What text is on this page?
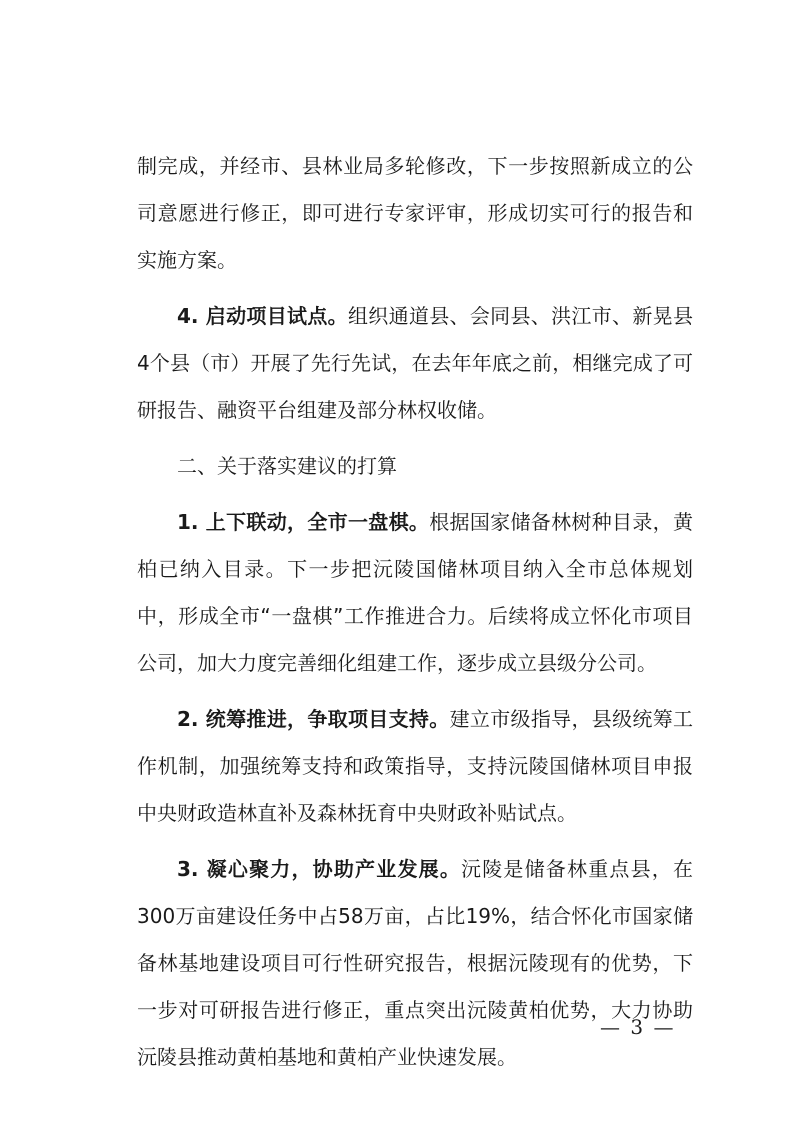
制完成，并经市、县林业局多轮修改，下一步按照新成立的公司意愿进行修正，即可进行专家评审，形成切实可行的报告和实施方案。

4. 启动项目试点。组织通道县、会同县、洪江市、新晃县4个县（市）开展了先行先试，在去年年底之前，相继完成了可研报告、融资平台组建及部分林权收储。

二、关于落实建议的打算

1. 上下联动，全市一盘棋。根据国家储备林树种目录，黄柏已纳入目录。下一步把沅陵国储林项目纳入全市总体规划中，形成全市“一盘棋”工作推进合力。后续将成立怀化市项目公司，加大力度完善细化组建工作，逐步成立县级分公司。

2. 统筹推进，争取项目支持。建立市级指导，县级统筹工作机制，加强统筹支持和政策指导，支持沅陵国储林项目申报中央财政造林直补及森林抚育中央财政补贴试点。

3. 凝心聚力，协助产业发展。沅陵是储备林重点县，在300万亩建设任务中占58万亩，占比19%，结合怀化市国家储备林基地建设项目可行性研究报告，根据沅陵现有的优势，下一步对可研报告进行修正，重点突出沅陵黄柏优势，大力协助沅陵县推动黄柏基地和黄柏产业快速发展。

— 3 —
